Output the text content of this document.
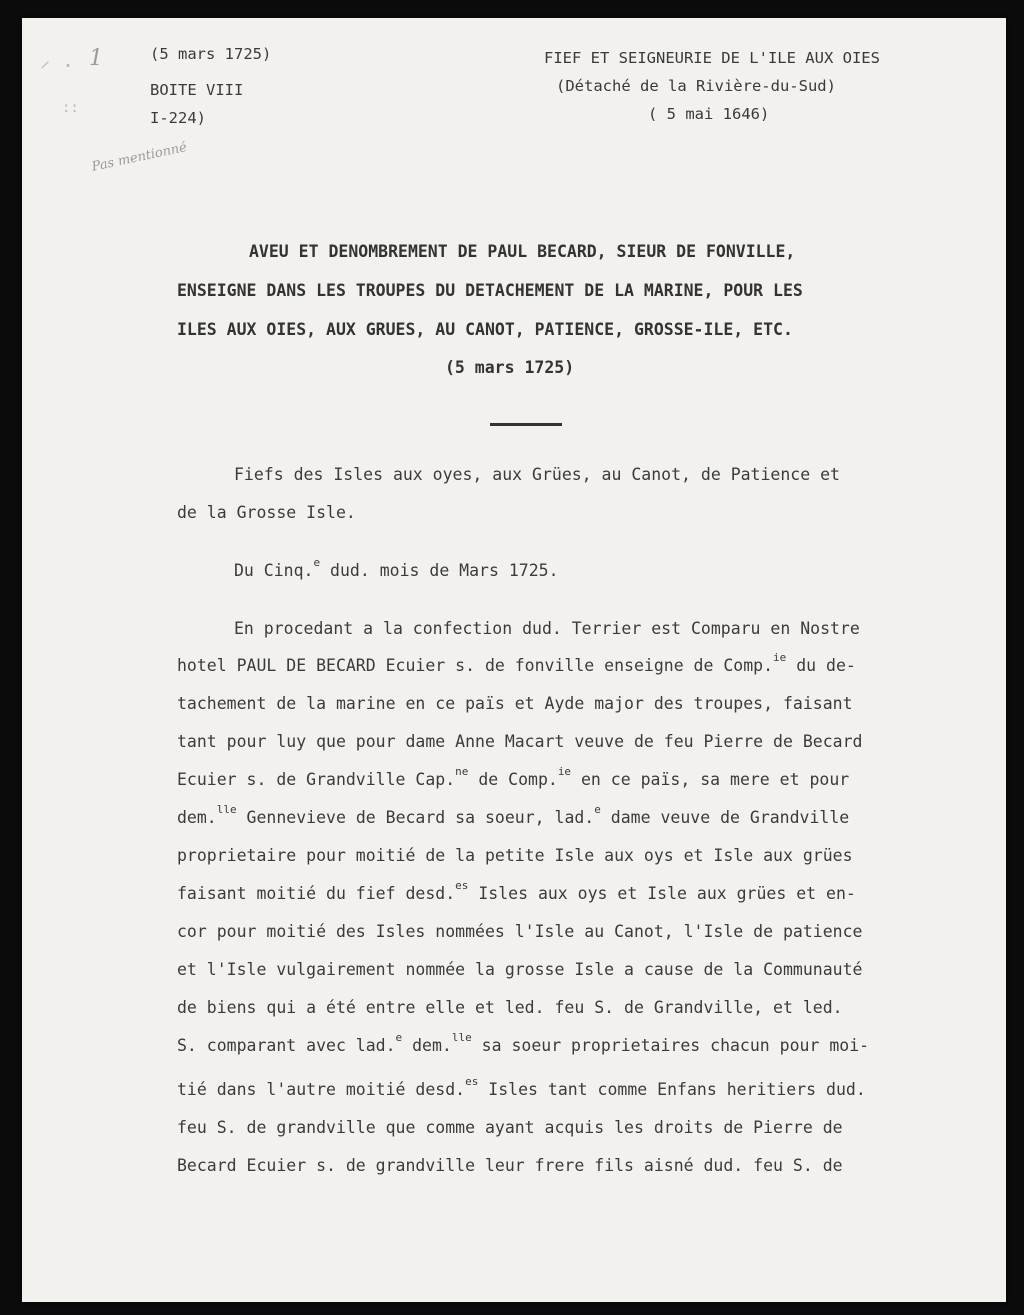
⸝ .
::
1	(5 mars 1725)
BOITE VIII
I-224)
Pas mentionné
FIEF ET SEIGNEURIE DE L'ILE AUX OIES
(Détaché de la Rivière-du-Sud)
( 5 mai 1646)
AVEU ET DENOMBREMENT DE PAUL BECARD, SIEUR DE FONVILLE,
ENSEIGNE DANS LES TROUPES DU DETACHEMENT DE LA MARINE, POUR LES
ILES AUX OIES, AUX GRUES, AU CANOT, PATIENCE, GROSSE-ILE, ETC.
(5 mars 1725)
Fiefs des Isles aux oyes, aux Grües, au Canot, de Patience et
de la Grosse Isle.
Du Cinq.$^e$ dud. mois de Mars 1725.
En procedant a la confection dud. Terrier est Comparu en Nostre
hotel PAUL DE BECARD Ecuier s. de fonville enseigne de Comp.$^{ie}$ du de-
tachement de la marine en ce païs et Ayde major des troupes, faisant
tant pour luy que pour dame Anne Macart veuve de feu Pierre de Becard
Ecuier s. de Grandville Cap.$^{ne}$ de Comp.$^{ie}$ en ce païs, sa mere et pour
dem.$^{lle}$ Gennevieve de Becard sa soeur, lad.$^e$ dame veuve de Grandville
proprietaire pour moitié de la petite Isle aux oys et Isle aux grües
faisant moitié du fief desd.$^{es}$ Isles aux oys et Isle aux grües et en-
cor pour moitié des Isles nommées l'Isle au Canot, l'Isle de patience
et l'Isle vulgairement nommée la grosse Isle a cause de la Communauté
de biens qui a été entre elle et led. feu S. de Grandville, et led.
S. comparant avec lad.$^e$ dem.$^{lle}$ sa soeur proprietaires chacun pour moi-
tié dans l'autre moitié desd.$^{es}$ Isles tant comme Enfans heritiers dud.
feu S. de grandville que comme ayant acquis les droits de Pierre de
Becard Ecuier s. de grandville leur frere fils aisné dud. feu S. de
